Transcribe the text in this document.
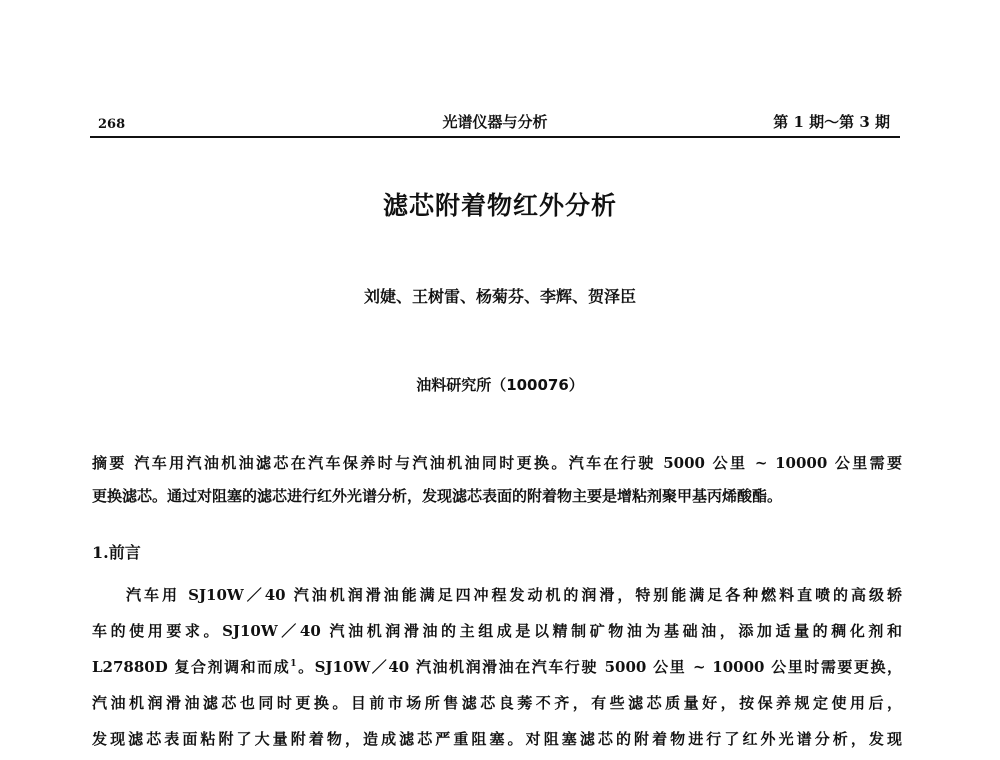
268	光谱仪器与分析	第 1 期～第 3 期
滤芯附着物红外分析
刘婕、王树雷、杨菊芬、李辉、贺泽臣
油料研究所（100076）
摘要 汽车用汽油机油滤芯在汽车保养时与汽油机油同时更换。汽车在行驶 5000 公里 ~ 10000 公里需要
更换滤芯。通过对阻塞的滤芯进行红外光谱分析，发现滤芯表面的附着物主要是增粘剂聚甲基丙烯酸酯。
1.前言
汽车用 SJ10W／40 汽油机润滑油能满足四冲程发动机的润滑，特别能满足各种燃料直喷的高级轿
车的使用要求。SJ10W／40 汽油机润滑油的主组成是以精制矿物油为基础油，添加适量的稠化剂和
L27880D 复合剂调和而成$^1$。SJ10W／40 汽油机润滑油在汽车行驶 5000 公里 ~ 10000 公里时需要更换，
汽油机润滑油滤芯也同时更换。目前市场所售滤芯良莠不齐，有些滤芯质量好，按保养规定使用后，
发现滤芯表面粘附了大量附着物，造成滤芯严重阻塞。对阻塞滤芯的附着物进行了红外光谱分析，发现
